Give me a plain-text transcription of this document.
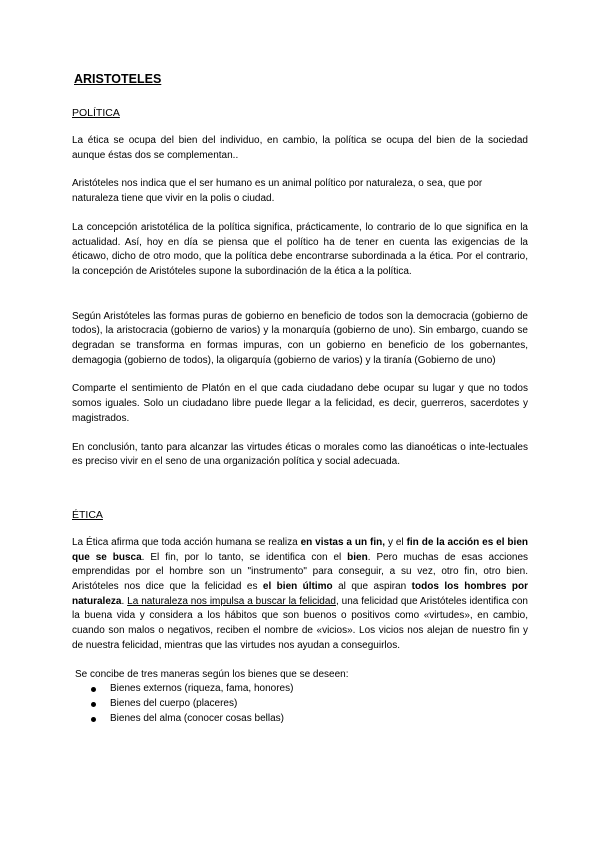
ARISTOTELES
POLÍTICA

La ética se ocupa del bien del individuo, en cambio, la política se ocupa del bien de la sociedad aunque éstas dos se complementan..

Aristóteles nos indica que el ser humano es un animal político por naturaleza, o sea, que por naturaleza tiene que vivir en la polis o ciudad.

La concepción aristotélica de la política significa, prácticamente, lo contrario de lo que significa en la actualidad. Así, hoy en día se piensa que el político ha de tener en cuenta las exigencias de la éticawo, dicho de otro modo, que la política debe encontrarse subordinada a la ética. Por el contrario, la concepción de Aristóteles supone la subordinación de la ética a la política.

Según Aristóteles las formas puras de gobierno en beneficio de todos son la democracia (gobierno de todos), la aristocracia (gobierno de varios) y la monarquía (gobierno de uno). Sin embargo, cuando se degradan se transforma en formas impuras, con un gobierno en beneficio de los gobernantes, demagogia (gobierno de todos), la oligarquía (gobierno de varios) y la tiranía (Gobierno de uno)

Comparte el sentimiento de Platón en el que cada ciudadano debe ocupar su lugar y que no todos somos iguales. Solo un ciudadano libre puede llegar a la felicidad, es decir, guerreros, sacerdotes y magistrados.

En conclusión, tanto para alcanzar las virtudes éticas o morales como las dianoéticas o inte-lectuales es preciso vivir en el seno de una organización política y social adecuada.

ÉTICA

La Ética afirma que toda acción humana se realiza en vistas a un fin, y el fin de la acción es el bien que se busca. El fin, por lo tanto, se identifica con el bien. Pero muchas de esas acciones emprendidas por el hombre son un "instrumento" para conseguir, a su vez, otro fin, otro bien. Aristóteles nos dice que la felicidad es el bien último al que aspiran todos los hombres por naturaleza. La naturaleza nos impulsa a buscar la felicidad, una felicidad que Aristóteles identifica con la buena vida y considera a los hábitos que son buenos o positivos como «virtudes», en cambio, cuando son malos o negativos, reciben el nombre de «vicios». Los vicios nos alejan de nuestro fin y de nuestra felicidad, mientras que las virtudes nos ayudan a conseguirlos.

Se concibe de tres maneras según los bienes que se deseen:

Bienes externos (riqueza, fama, honores)
Bienes del cuerpo (placeres)
Bienes del alma (conocer cosas bellas)
